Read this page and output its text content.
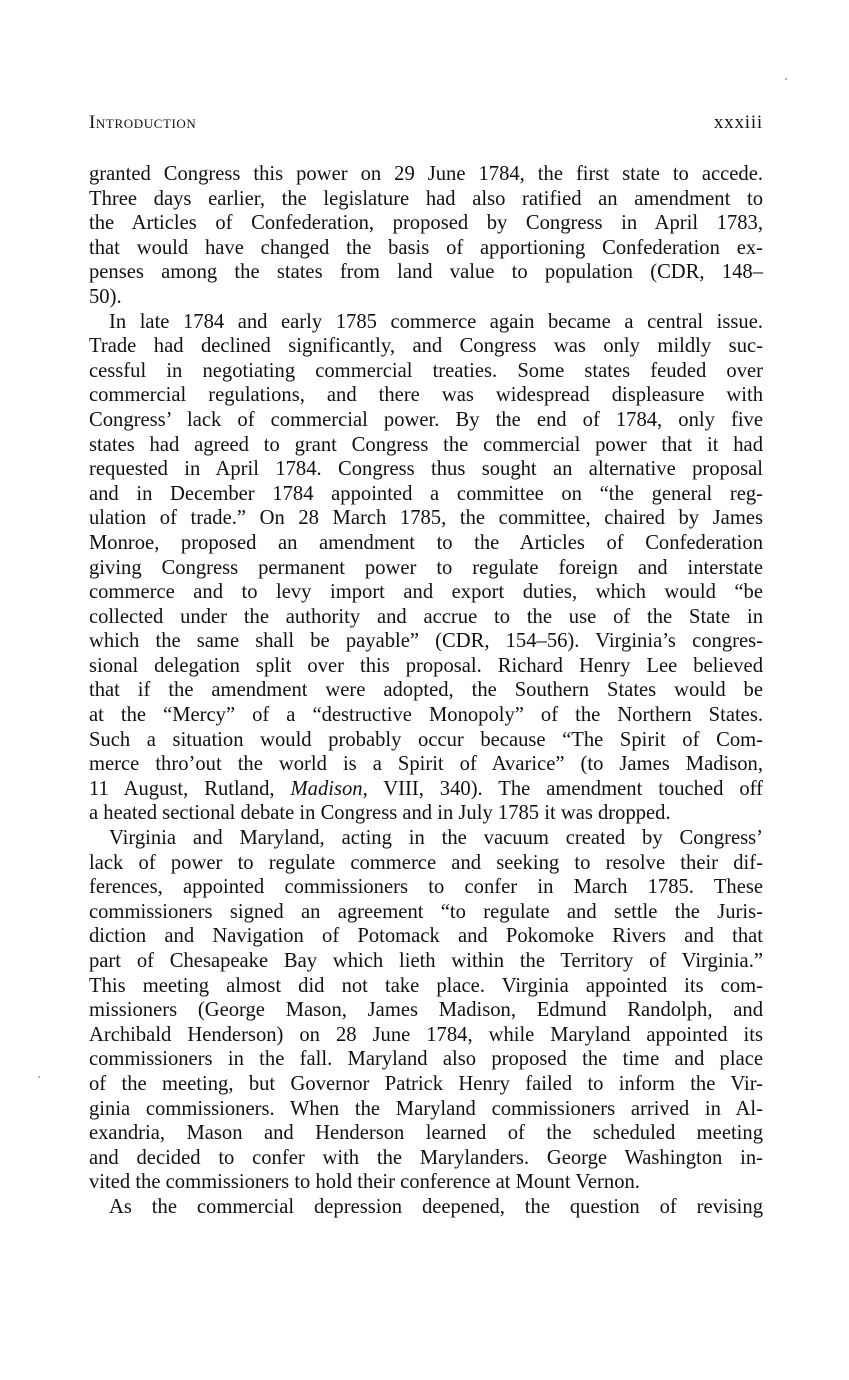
Introduction	xxxiii
granted Congress this power on 29 June 1784, the first state to accede.
Three days earlier, the legislature had also ratified an amendment to
the Articles of Confederation, proposed by Congress in April 1783,
that would have changed the basis of apportioning Confederation ex-
penses among the states from land value to population (CDR, 148–
50).
In late 1784 and early 1785 commerce again became a central issue.
Trade had declined significantly, and Congress was only mildly suc-
cessful in negotiating commercial treaties. Some states feuded over
commercial regulations, and there was widespread displeasure with
Congress’ lack of commercial power. By the end of 1784, only five
states had agreed to grant Congress the commercial power that it had
requested in April 1784. Congress thus sought an alternative proposal
and in December 1784 appointed a committee on “the general reg-
ulation of trade.” On 28 March 1785, the committee, chaired by James
Monroe, proposed an amendment to the Articles of Confederation
giving Congress permanent power to regulate foreign and interstate
commerce and to levy import and export duties, which would “be
collected under the authority and accrue to the use of the State in
which the same shall be payable” (CDR, 154–56). Virginia’s congres-
sional delegation split over this proposal. Richard Henry Lee believed
that if the amendment were adopted, the Southern States would be
at the “Mercy” of a “destructive Monopoly” of the Northern States.
Such a situation would probably occur because “The Spirit of Com-
merce thro’out the world is a Spirit of Avarice” (to James Madison,
11 August, Rutland, Madison, VIII, 340). The amendment touched off
a heated sectional debate in Congress and in July 1785 it was dropped.
Virginia and Maryland, acting in the vacuum created by Congress’
lack of power to regulate commerce and seeking to resolve their dif-
ferences, appointed commissioners to confer in March 1785. These
commissioners signed an agreement “to regulate and settle the Juris-
diction and Navigation of Potomack and Pokomoke Rivers and that
part of Chesapeake Bay which lieth within the Territory of Virginia.”
This meeting almost did not take place. Virginia appointed its com-
missioners (George Mason, James Madison, Edmund Randolph, and
Archibald Henderson) on 28 June 1784, while Maryland appointed its
commissioners in the fall. Maryland also proposed the time and place
of the meeting, but Governor Patrick Henry failed to inform the Vir-
ginia commissioners. When the Maryland commissioners arrived in Al-
exandria, Mason and Henderson learned of the scheduled meeting
and decided to confer with the Marylanders. George Washington in-
vited the commissioners to hold their conference at Mount Vernon.
As the commercial depression deepened, the question of revising
